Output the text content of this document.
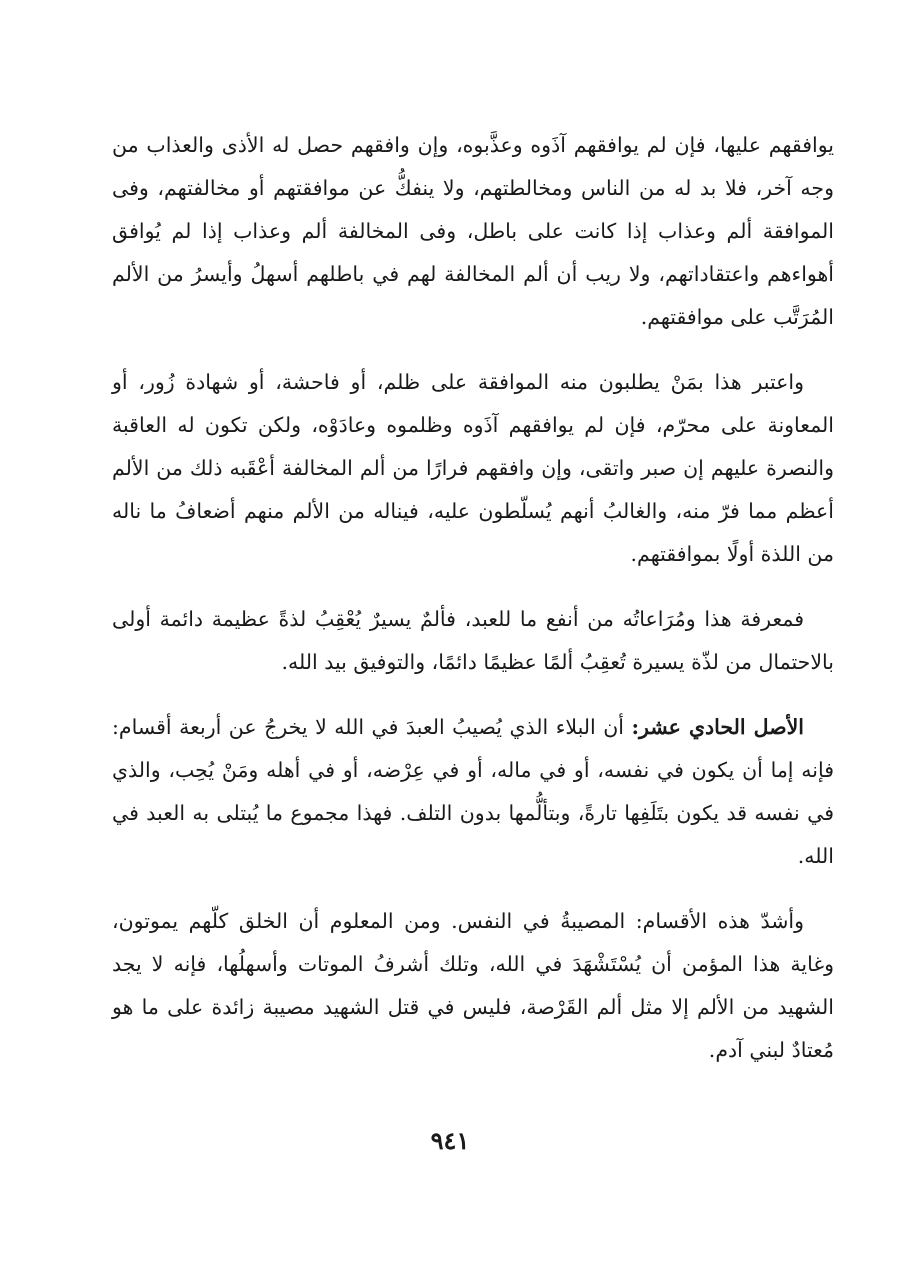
يوافقهم عليها، فإن لم يوافقهم آذَوه وعذَّبوه، وإن وافقهم حصل له الأذى والعذاب من وجه آخر، فلا بد له من الناس ومخالطتهم، ولا ينفكُّ عن موافقتهم أو مخالفتهم، وفى الموافقة ألم وعذاب إذا كانت على باطل، وفى المخالفة ألم وعذاب إذا لم يُوافق أهواءهم واعتقاداتهم، ولا ريب أن ألم المخالفة لهم في باطلهم أسهلُ وأيسرُ من الألم المُرَتَّب على موافقتهم.

واعتبر هذا بمَنْ يطلبون منه الموافقة على ظلم، أو فاحشة، أو شهادة زُور، أو المعاونة على محرّم، فإن لم يوافقهم آذَوه وظلموه وعادَوْه، ولكن تكون له العاقبة والنصرة عليهم إن صبر واتقى، وإن وافقهم فرارًا من ألم المخالفة أعْقَبه ذلك من الألم أعظم مما فرّ منه، والغالبُ أنهم يُسلّطون عليه، فيناله من الألم منهم أضعافُ ما ناله من اللذة أولًا بموافقتهم.

فمعرفة هذا ومُرَاعاتُه من أنفع ما للعبد، فألمٌ يسيرٌ يُعْقِبُ لذةً عظيمة دائمة أولى بالاحتمال من لذّة يسيرة تُعقِبُ ألمًا عظيمًا دائمًا، والتوفيق بيد الله.

الأصل الحادي عشر: أن البلاء الذي يُصيبُ العبدَ في الله لا يخرجُ عن أربعة أقسام: فإنه إما أن يكون في نفسه، أو في ماله، أو في عِرْضه، أو في أهله ومَنْ يُحِب، والذي في نفسه قد يكون بتَلَفِها تارةً، وبتألُّمها بدون التلف. فهذا مجموع ما يُبتلى به العبد في الله.

وأشدّ هذه الأقسام: المصيبةُ في النفس. ومن المعلوم أن الخلق كلّهم يموتون، وغاية هذا المؤمن أن يُسْتَشْهَدَ في الله، وتلك أشرفُ الموتات وأسهلُها، فإنه لا يجد الشهيد من الألم إلا مثل ألم القَرْصة، فليس في قتل الشهيد مصيبة زائدة على ما هو مُعتادٌ لبني آدم.

٩٤١
